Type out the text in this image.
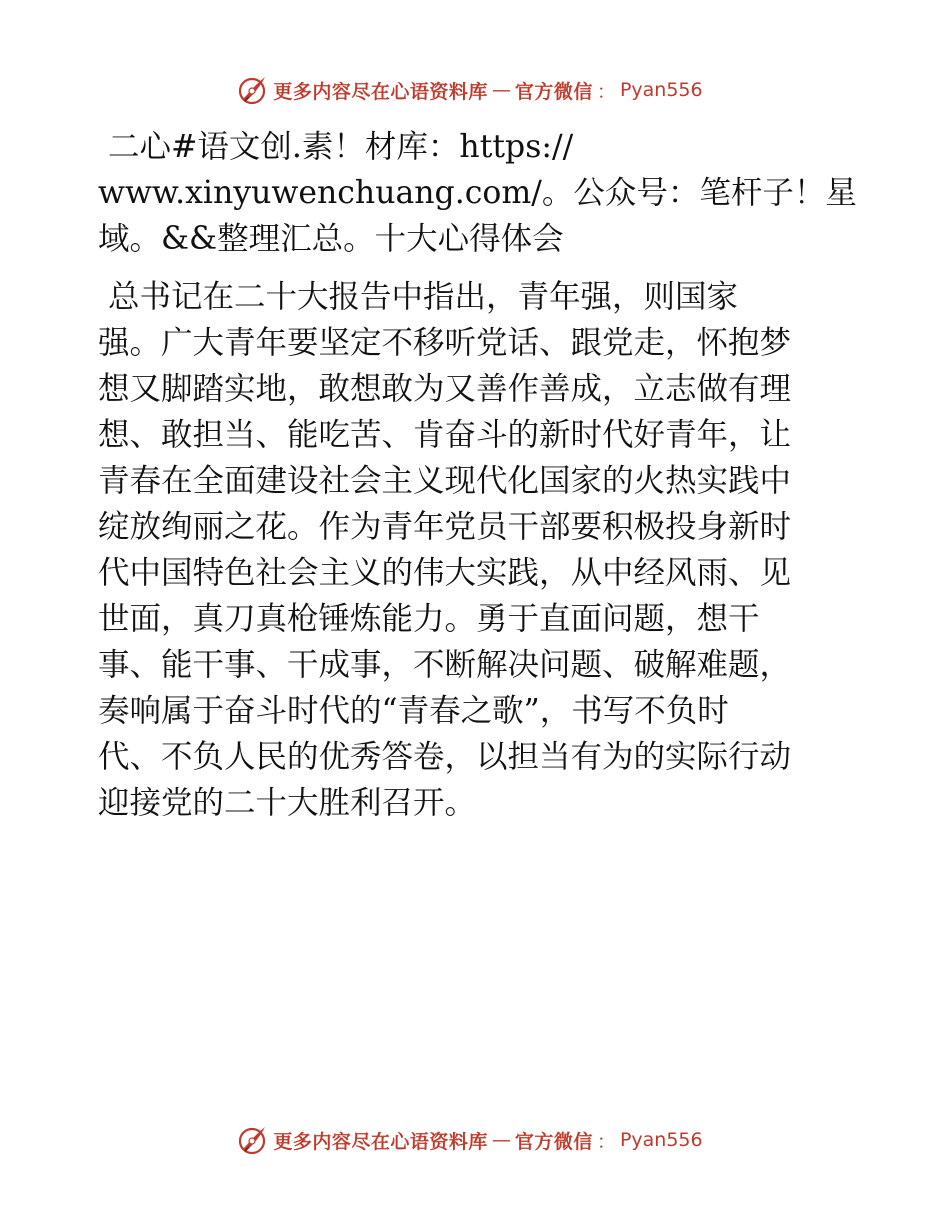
更多内容尽在心语资料库 — 官方微信 ： Pyan556

二心#语文创.素！材库：https://
www.xinyuwenchuang.com/。公众号：笔杆子！星
域。&&整理汇总。十大心得体会

总书记在二十大报告中指出，青年强，则国家
强。广大青年要坚定不移听党话、跟党走，怀抱梦
想又脚踏实地，敢想敢为又善作善成，立志做有理
想、敢担当、能吃苦、肯奋斗的新时代好青年，让
青春在全面建设社会主义现代化国家的火热实践中
绽放绚丽之花。作为青年党员干部要积极投身新时
代中国特色社会主义的伟大实践，从中经风雨、见
世面，真刀真枪锤炼能力。勇于直面问题，想干
事、能干事、干成事，不断解决问题、破解难题，
奏响属于奋斗时代的“青春之歌”，书写不负时
代、不负人民的优秀答卷，以担当有为的实际行动
迎接党的二十大胜利召开。

更多内容尽在心语资料库 — 官方微信 ： Pyan556
